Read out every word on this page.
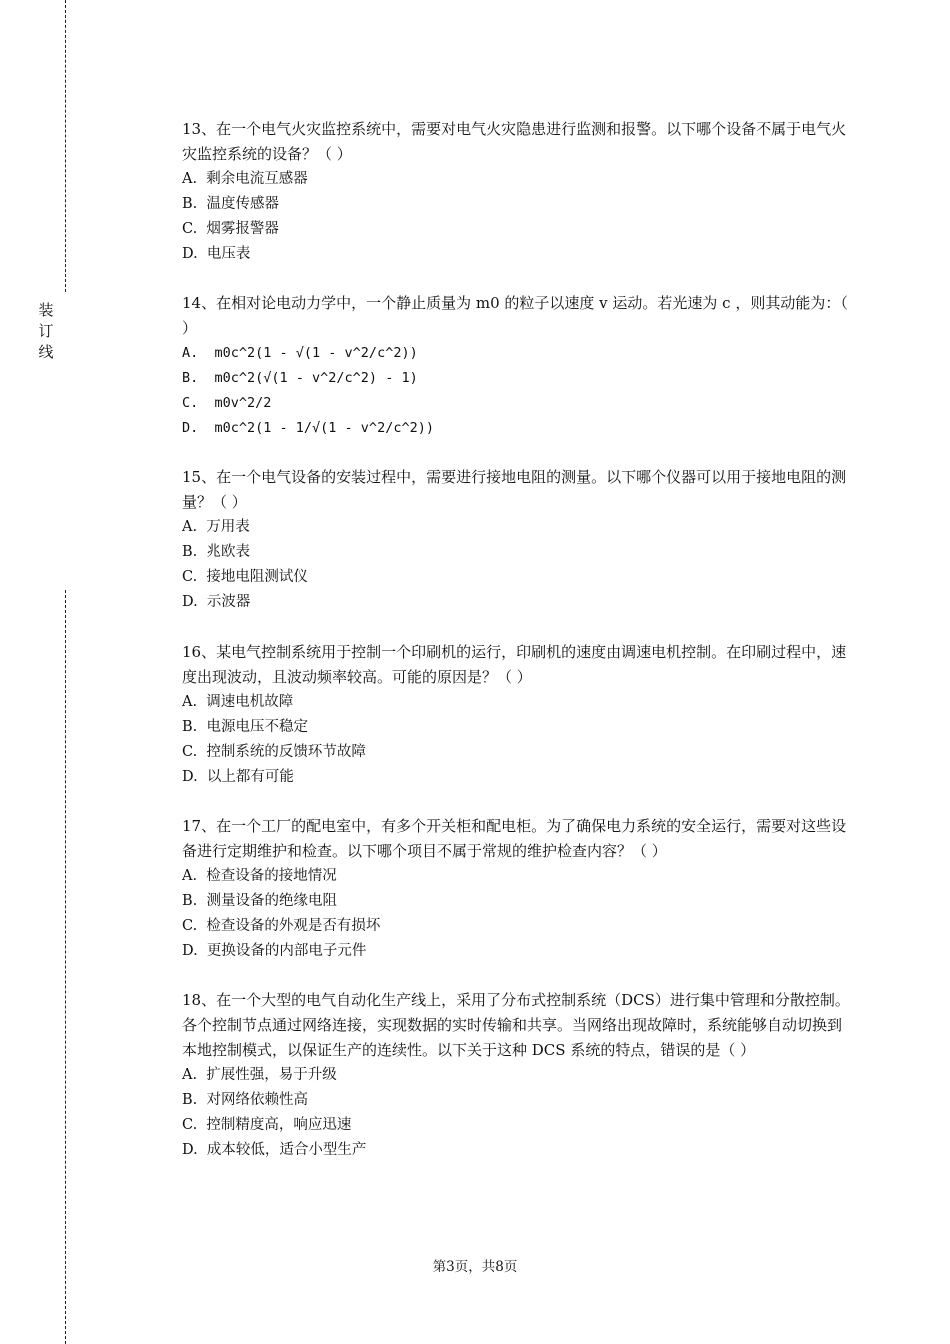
装订线

13、在一个电气火灾监控系统中，需要对电气火灾隐患进行监测和报警。以下哪个设备不属于电气火灾监控系统的设备？（ ）

A.  剩余电流互感器
B.  温度传感器
C.  烟雾报警器
D.  电压表

14、在相对论电动力学中，一个静止质量为 m0 的粒子以速度 v 运动。若光速为 c ，则其动能为：（ ）

A.  m0c^2(1 - √(1 - v^2/c^2))
B.  m0c^2(√(1 - v^2/c^2) - 1)
C.  m0v^2/2
D.  m0c^2(1 - 1/√(1 - v^2/c^2))

15、在一个电气设备的安装过程中，需要进行接地电阻的测量。以下哪个仪器可以用于接地电阻的测量？（ ）

A.  万用表
B.  兆欧表
C.  接地电阻测试仪
D.  示波器

16、某电气控制系统用于控制一个印刷机的运行，印刷机的速度由调速电机控制。在印刷过程中，速度出现波动，且波动频率较高。可能的原因是？（ ）

A.  调速电机故障
B.  电源电压不稳定
C.  控制系统的反馈环节故障
D.  以上都有可能

17、在一个工厂的配电室中，有多个开关柜和配电柜。为了确保电力系统的安全运行，需要对这些设备进行定期维护和检查。以下哪个项目不属于常规的维护检查内容？（ ）

A.  检查设备的接地情况
B.  测量设备的绝缘电阻
C.  检查设备的外观是否有损坏
D.  更换设备的内部电子元件

18、在一个大型的电气自动化生产线上，采用了分布式控制系统（DCS）进行集中管理和分散控制。各个控制节点通过网络连接，实现数据的实时传输和共享。当网络出现故障时，系统能够自动切换到本地控制模式，以保证生产的连续性。以下关于这种 DCS 系统的特点，错误的是（ ）

A.  扩展性强，易于升级
B.  对网络依赖性高
C.  控制精度高，响应迅速
D.  成本较低，适合小型生产
第3页，共8页
